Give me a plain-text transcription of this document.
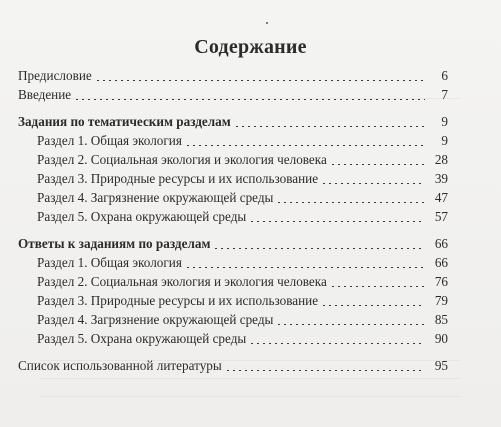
Содержание
Предисловие	6
Введение	7
Задания по тематическим разделам	9
Раздел 1. Общая экология	9
Раздел 2. Социальная экология и экология человека	28
Раздел 3. Природные ресурсы и их использование	39
Раздел 4. Загрязнение окружающей среды	47
Раздел 5. Охрана окружающей среды	57
Ответы к заданиям по разделам	66
Раздел 1. Общая экология	66
Раздел 2. Социальная экология и экология человека	76
Раздел 3. Природные ресурсы и их использование	79
Раздел 4. Загрязнение окружающей среды	85
Раздел 5. Охрана окружающей среды	90
Список использованной литературы	95
